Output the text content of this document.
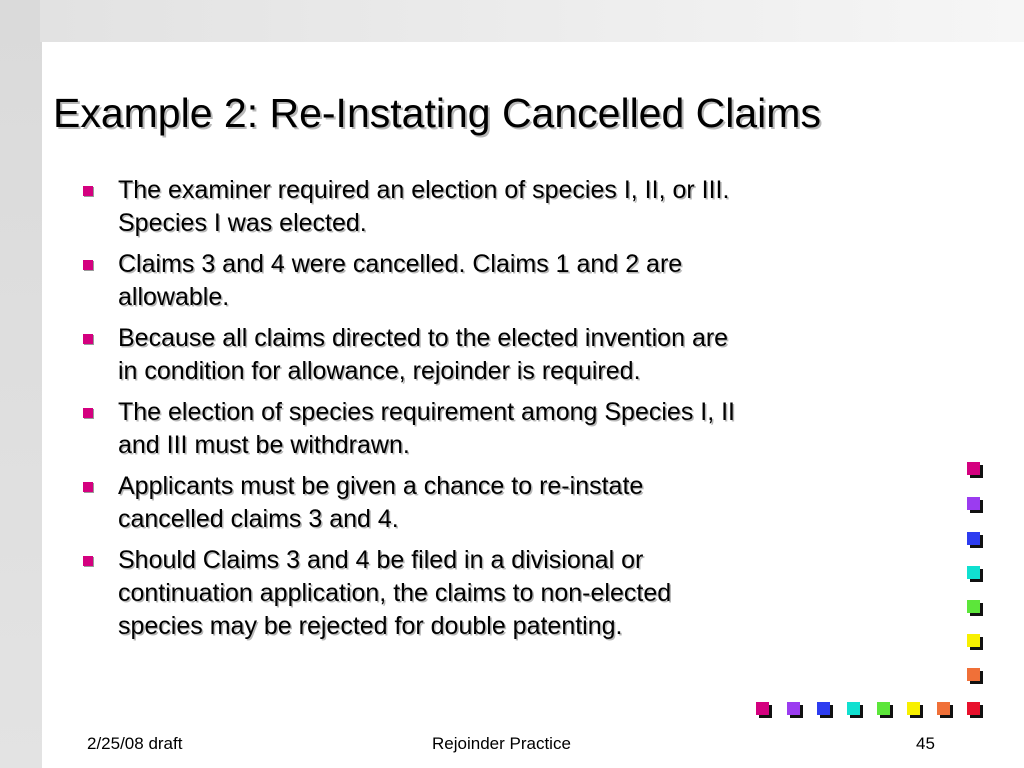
Example 2: Re-Instating Cancelled Claims
The examiner required an election of species I, II, or III.
Species I was elected.
Claims 3 and 4 were cancelled. Claims 1 and 2 are
allowable.
Because all claims directed to the elected invention are
in condition for allowance, rejoinder is required.
The election of species requirement among Species I, II
and III must be withdrawn.
Applicants must be given a chance to re-instate
cancelled claims 3 and 4.
Should Claims 3 and 4 be filed in a divisional or
continuation application, the claims to non-elected
species may be rejected for double patenting.
2/25/08 draft	Rejoinder Practice	45
